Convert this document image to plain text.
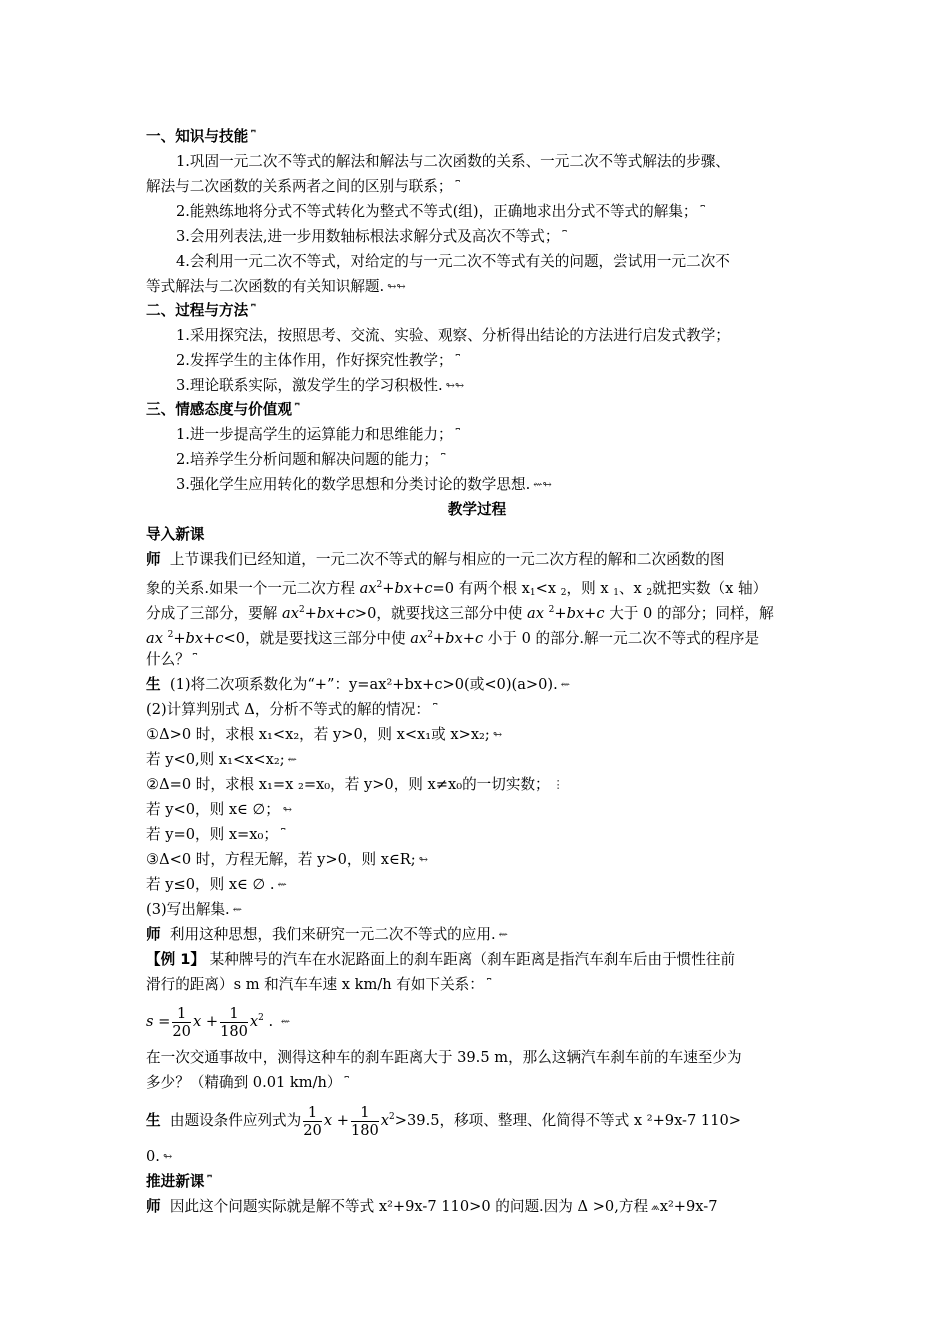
一、知识与技能 ⎴
1.巩固一元二次不等式的解法和解法与二次函数的关系、一元二次不等式解法的步骤、
解法与二次函数的关系两者之间的区别与联系； ⎴
2.能熟练地将分式不等式转化为整式不等式(组)，正确地求出分式不等式的解集； ⎴
3.会用列表法,进一步用数轴标根法求解分式及高次不等式； ⎴
4.会利用一元二次不等式，对给定的与一元二次不等式有关的问题，尝试用一元二次不
等式解法与二次函数的有关知识解题. ↬↬
二、过程与方法 ⎴
1.采用探究法，按照思考、交流、实验、观察、分析得出结论的方法进行启发式教学；
2.发挥学生的主体作用，作好探究性教学； ⎴
3.理论联系实际，激发学生的学习积极性. ↬↬
三、情感态度与价值观 ⎴
1.进一步提高学生的运算能力和思维能力； ⎴
2.培养学生分析问题和解决问题的能力； ⎴
3.强化学生应用转化的数学思想和分类讨论的数学思想. ⇜↬
教学过程
导入新课
师 上节课我们已经知道，一元二次不等式的解与相应的一元二次方程的解和二次函数的图
象的关系.如果一个一元二次方程 $ax^2+bx+c=0$ 有两个根 $x_1<x$ $_2$，则 x $_1$、x $_2$就把实数（x 轴）
分成了三部分，要解 $ax^2+bx+c>0$，就要找这三部分中使 ax $^2$+bx+c 大于 0 的部分；同样，解
ax $^2$+bx+c<0，就是要找这三部分中使 $ax^2+bx+c$ 小于 0 的部分.解一元二次不等式的程序是
什么？ ⎴
生 (1)将二次项系数化为“+”：y=ax²+bx+c>0(或<0)(a>0). ⇜
(2)计算判别式 Δ，分析不等式的解的情况： ⎴
①Δ>0 时，求根 x₁<x₂，若 y>0，则 x<x₁或 x>x₂; ↬
若 y<0,则 x₁<x<x₂; ⇜
②Δ=0 时，求根 x₁=x ₂=x₀，若 y>0，则 x≠x₀的一切实数； ⋮
若 y<0，则 x∈ ∅； ↬
若 y=0，则 x=x₀； ⎴
③Δ<0 时，方程无解，若 y>0，则 x∈R; ↬
若 y≤0，则 x∈ ∅ . ⇜
(3)写出解集. ⇜
师 利用这种思想，我们来研究一元二次不等式的应用. ⇜
【例 1】 某种牌号的汽车在水泥路面上的刹车距离（刹车距离是指汽车刹车后由于惯性往前
滑行的距离）s m 和汽车车速 x km/h 有如下关系： ⎴
$s = \frac{1}{20}$ $x + \frac{1}{180} x^2$ . ⇜
在一次交通事故中，测得这种车的刹车距离大于 39.5 m，那么这辆汽车刹车前的车速至少为
多少？（精确到 0.01 km/h） ⎴
生 由题设条件应列式为 $\frac{1}{20}$ $x + \frac{1}{180} x^2>39.5$，移项、整理、化简得不等式 x ²+9x-7 110>
0. ↬
推进新课 ⎴
师 因此这个问题实际就是解不等式 x²+9x-7 110>0 的问题.因为 Δ >0,方程 ⩕x²+9x-7
